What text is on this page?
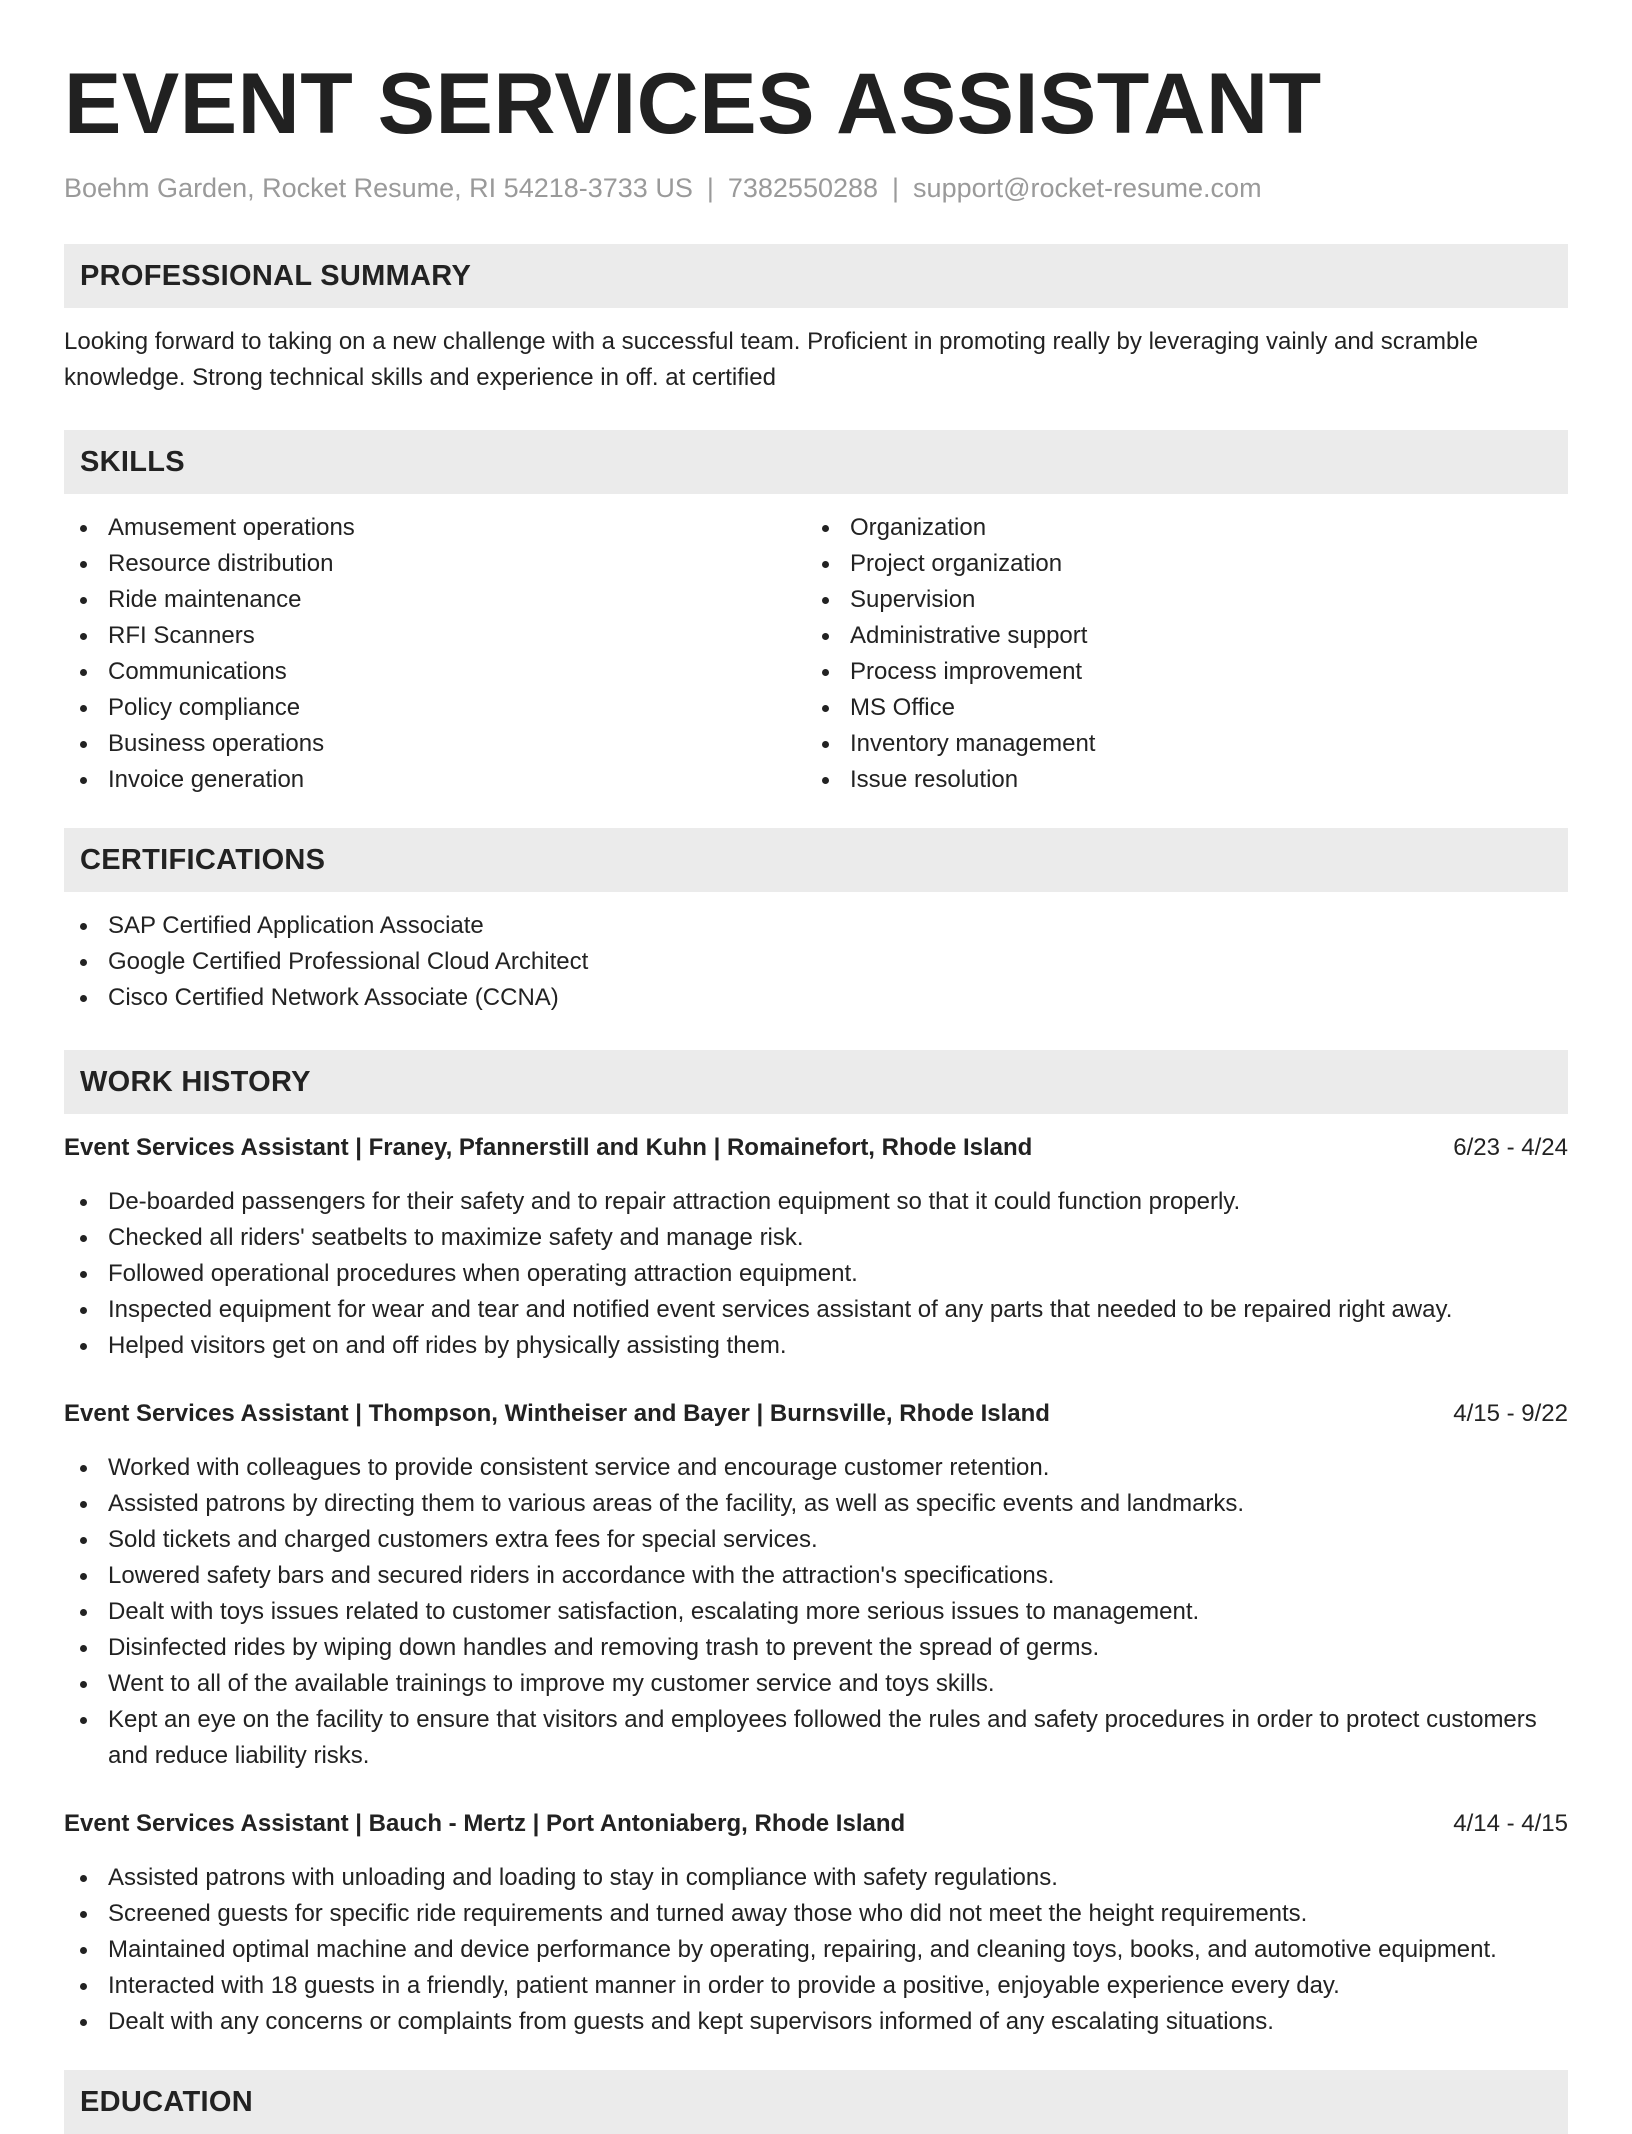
EVENT SERVICES ASSISTANT
Boehm Garden, Rocket Resume, RI 54218-3733 US | 7382550288 | support@rocket-resume.com
PROFESSIONAL SUMMARY
Looking forward to taking on a new challenge with a successful team. Proficient in promoting really by leveraging vainly and scramble knowledge. Strong technical skills and experience in off. at certified
SKILLS
Amusement operations
Resource distribution
Ride maintenance
RFI Scanners
Communications
Policy compliance
Business operations
Invoice generation
Organization
Project organization
Supervision
Administrative support
Process improvement
MS Office
Inventory management
Issue resolution
CERTIFICATIONS
SAP Certified Application Associate
Google Certified Professional Cloud Architect
Cisco Certified Network Associate (CCNA)
WORK HISTORY
Event Services Assistant | Franey, Pfannerstill and Kuhn | Romainefort, Rhode Island	6/23 - 4/24
De-boarded passengers for their safety and to repair attraction equipment so that it could function properly.
Checked all riders' seatbelts to maximize safety and manage risk.
Followed operational procedures when operating attraction equipment.
Inspected equipment for wear and tear and notified event services assistant of any parts that needed to be repaired right away.
Helped visitors get on and off rides by physically assisting them.
Event Services Assistant | Thompson, Wintheiser and Bayer | Burnsville, Rhode Island	4/15 - 9/22
Worked with colleagues to provide consistent service and encourage customer retention.
Assisted patrons by directing them to various areas of the facility, as well as specific events and landmarks.
Sold tickets and charged customers extra fees for special services.
Lowered safety bars and secured riders in accordance with the attraction's specifications.
Dealt with toys issues related to customer satisfaction, escalating more serious issues to management.
Disinfected rides by wiping down handles and removing trash to prevent the spread of germs.
Went to all of the available trainings to improve my customer service and toys skills.
Kept an eye on the facility to ensure that visitors and employees followed the rules and safety procedures in order to protect customers and reduce liability risks.
Event Services Assistant | Bauch - Mertz | Port Antoniaberg, Rhode Island	4/14 - 4/15
Assisted patrons with unloading and loading to stay in compliance with safety regulations.
Screened guests for specific ride requirements and turned away those who did not meet the height requirements.
Maintained optimal machine and device performance by operating, repairing, and cleaning toys, books, and automotive equipment.
Interacted with 18 guests in a friendly, patient manner in order to provide a positive, enjoyable experience every day.
Dealt with any concerns or complaints from guests and kept supervisors informed of any escalating situations.
EDUCATION
